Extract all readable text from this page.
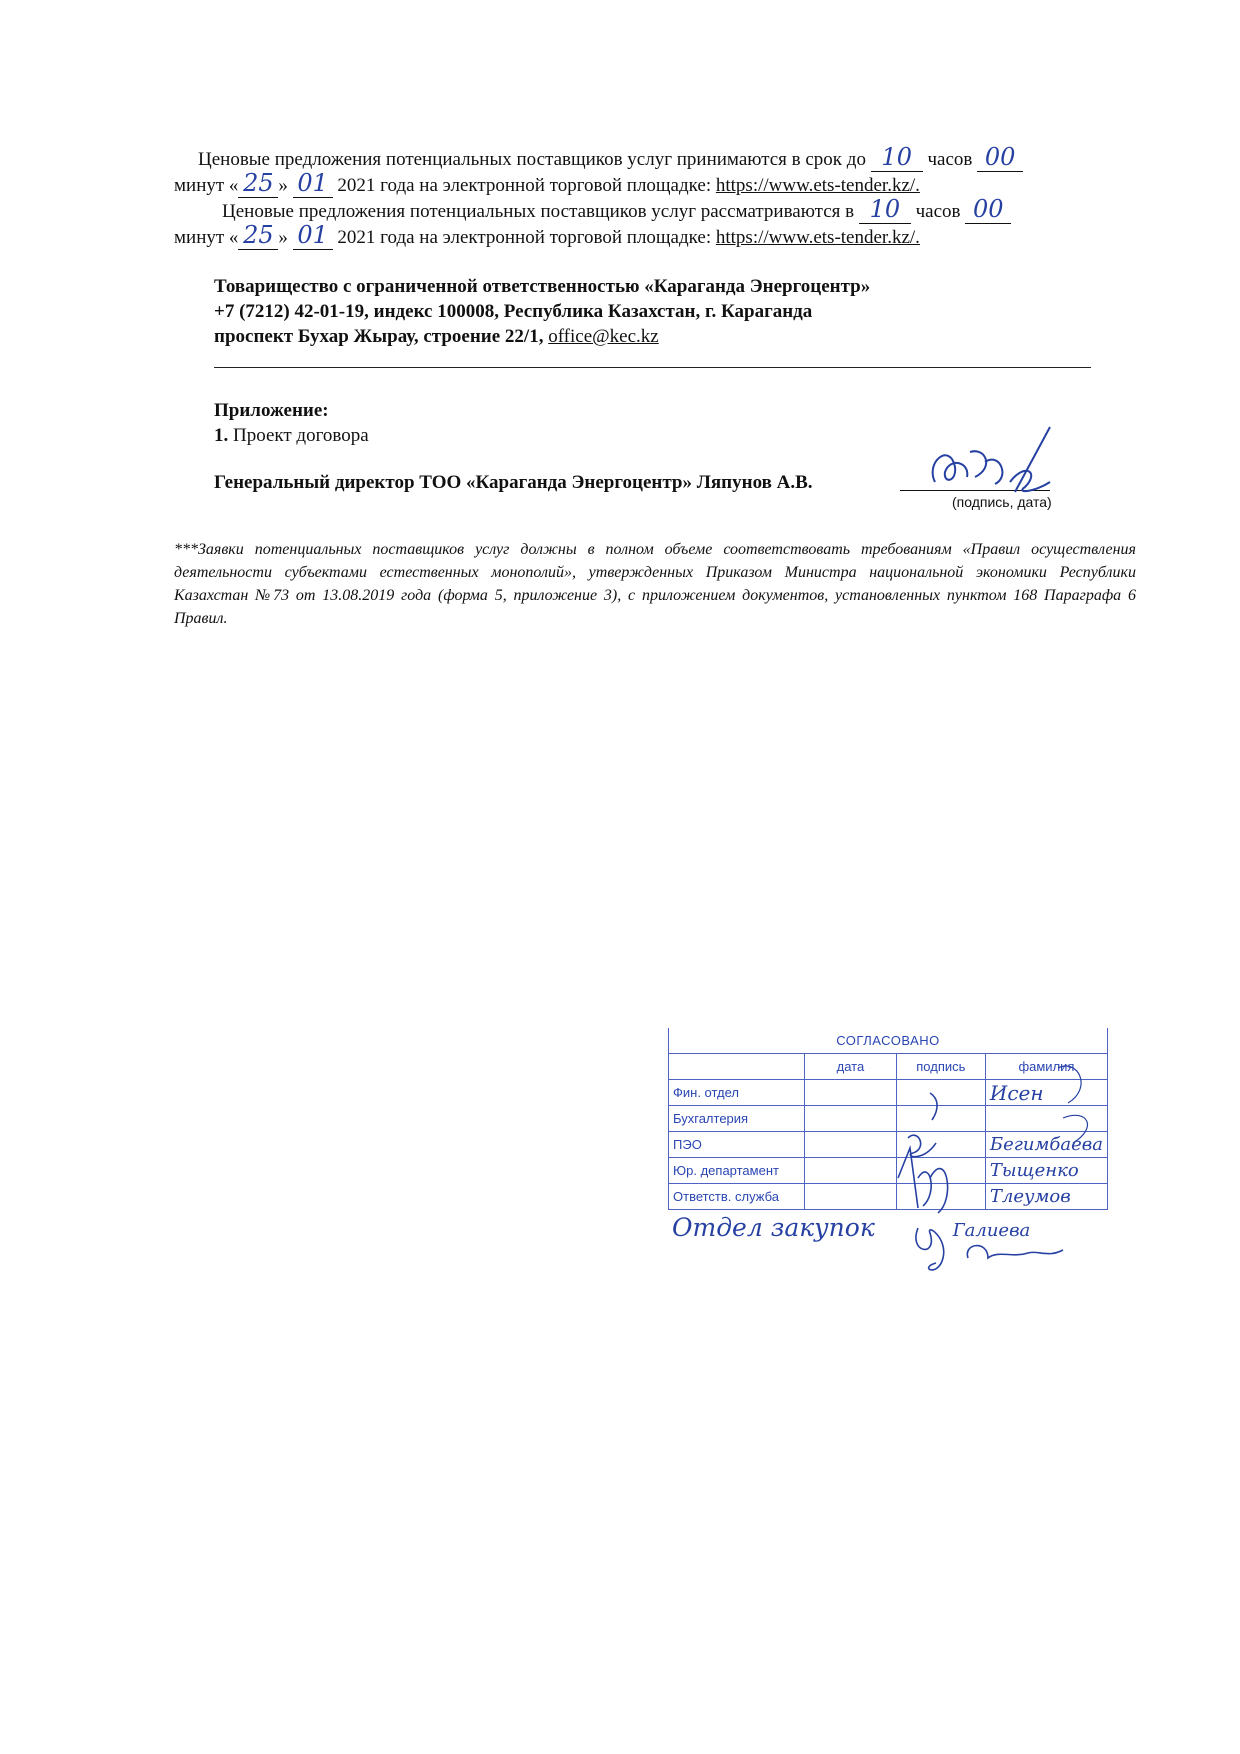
Ценовые предложения потенциальных поставщиков услуг принимаются в срок до 10 часов 00
минут « 25 » 01 2021 года на электронной торговой площадке: https://www.ets-tender.kz/.
Ценовые предложения потенциальных поставщиков услуг рассматриваются в 10 часов 00
минут « 25 » 01 2021 года на электронной торговой площадке: https://www.ets-tender.kz/.
Товарищество с ограниченной ответственностью «Караганда Энергоцентр»
+7 (7212) 42-01-19, индекс 100008, Республика Казахстан, г. Караганда
проспект Бухар Жырау, строение 22/1, office@kec.kz
Приложение:
1. Проект договора
Генеральный директор ТОО «Караганда Энергоцентр» Ляпунов А.В.
(подпись, дата)
***Заявки потенциальных поставщиков услуг должны в полном объеме соответствовать требованиям «Правил осуществления деятельности субъектами естественных монополий», утвержденных Приказом Министра национальной экономики Республики Казахстан №73 от 13.08.2019 года (форма 5, приложение 3), с приложением документов, установленных пунктом 168 Параграфа 6 Правил.
СОГЛАСОВАНО			
	дата	подпись	фамилия
Фин. отдел			Исен
Бухгалтерия			
ПЭО			Бегимбаева
Юр. департамент			Тыщенко
Ответств. служба			Тлеумов
Отдел закупок	Галиева
